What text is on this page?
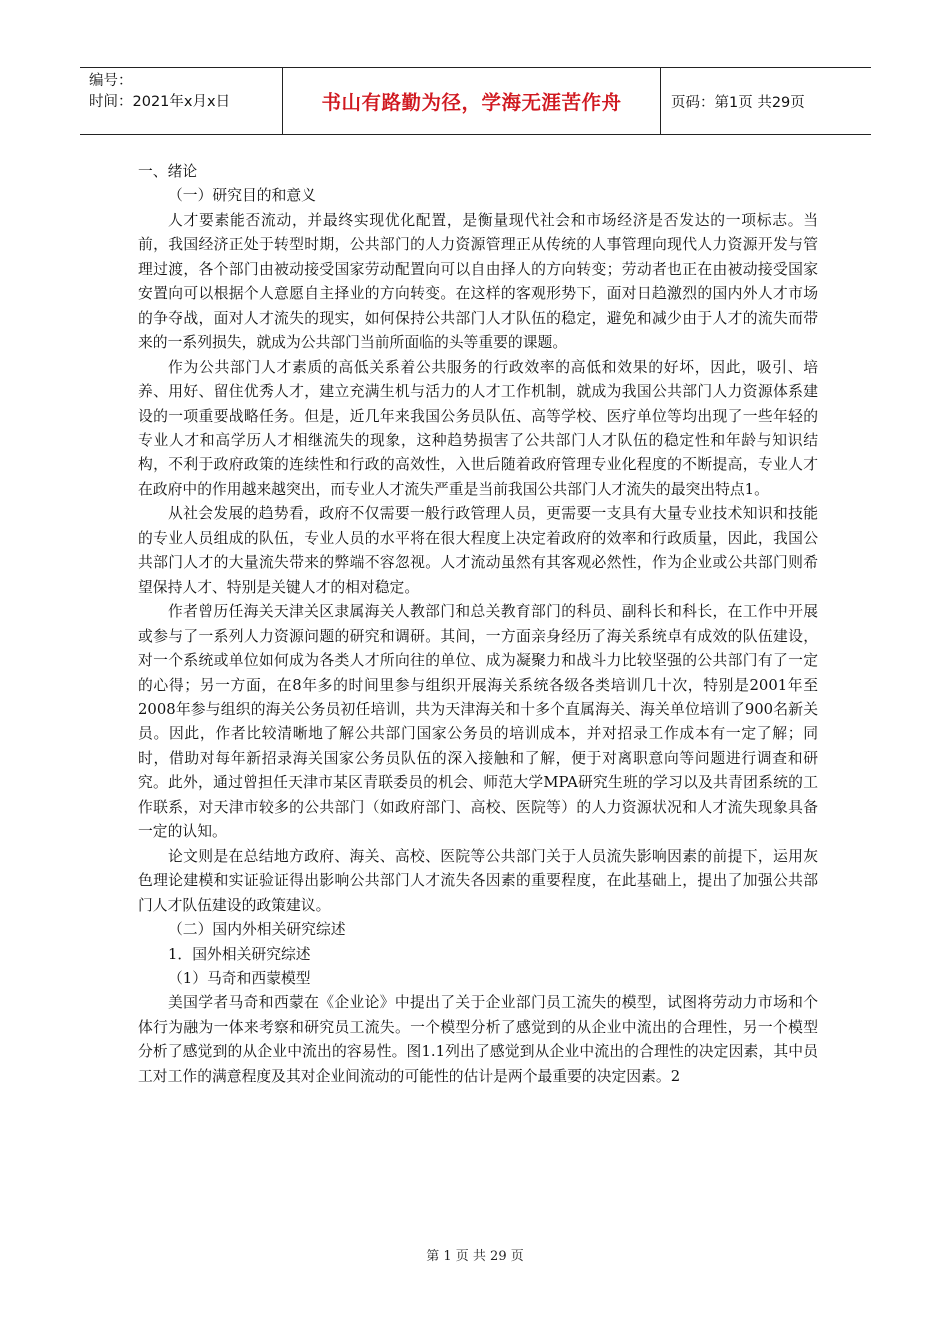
编号：
时间：2021年x月x日	书山有路勤为径，学海无涯苦作舟	页码：第1页 共29页

一、绪论

（一）研究目的和意义

人才要素能否流动，并最终实现优化配置，是衡量现代社会和市场经济是否发达的一项标志。当前，我国经济正处于转型时期，公共部门的人力资源管理正从传统的人事管理向现代人力资源开发与管理过渡，各个部门由被动接受国家劳动配置向可以自由择人的方向转变；劳动者也正在由被动接受国家安置向可以根据个人意愿自主择业的方向转变。在这样的客观形势下，面对日趋激烈的国内外人才市场的争夺战，面对人才流失的现实，如何保持公共部门人才队伍的稳定，避免和减少由于人才的流失而带来的一系列损失，就成为公共部门当前所面临的头等重要的课题。

作为公共部门人才素质的高低关系着公共服务的行政效率的高低和效果的好坏，因此，吸引、培养、用好、留住优秀人才，建立充满生机与活力的人才工作机制，就成为我国公共部门人力资源体系建设的一项重要战略任务。但是，近几年来我国公务员队伍、高等学校、医疗单位等均出现了一些年轻的专业人才和高学历人才相继流失的现象，这种趋势损害了公共部门人才队伍的稳定性和年龄与知识结构，不利于政府政策的连续性和行政的高效性，入世后随着政府管理专业化程度的不断提高，专业人才在政府中的作用越来越突出，而专业人才流失严重是当前我国公共部门人才流失的最突出特点1。

从社会发展的趋势看，政府不仅需要一般行政管理人员，更需要一支具有大量专业技术知识和技能的专业人员组成的队伍，专业人员的水平将在很大程度上决定着政府的效率和行政质量，因此，我国公共部门人才的大量流失带来的弊端不容忽视。人才流动虽然有其客观必然性，作为企业或公共部门则希望保持人才、特别是关键人才的相对稳定。

作者曾历任海关天津关区隶属海关人教部门和总关教育部门的科员、副科长和科长，在工作中开展或参与了一系列人力资源问题的研究和调研。其间，一方面亲身经历了海关系统卓有成效的队伍建设，对一个系统或单位如何成为各类人才所向往的单位、成为凝聚力和战斗力比较坚强的公共部门有了一定的心得；另一方面，在8年多的时间里参与组织开展海关系统各级各类培训几十次，特别是2001年至2008年参与组织的海关公务员初任培训，共为天津海关和十多个直属海关、海关单位培训了900名新关员。因此，作者比较清晰地了解公共部门国家公务员的培训成本，并对招录工作成本有一定了解；同时，借助对每年新招录海关国家公务员队伍的深入接触和了解，便于对离职意向等问题进行调查和研究。此外，通过曾担任天津市某区青联委员的机会、师范大学MPA研究生班的学习以及共青团系统的工作联系，对天津市较多的公共部门（如政府部门、高校、医院等）的人力资源状况和人才流失现象具备一定的认知。

论文则是在总结地方政府、海关、高校、医院等公共部门关于人员流失影响因素的前提下，运用灰色理论建模和实证验证得出影响公共部门人才流失各因素的重要程度，在此基础上，提出了加强公共部门人才队伍建设的政策建议。

（二）国内外相关研究综述

1．国外相关研究综述

（1）马奇和西蒙模型

美国学者马奇和西蒙在《企业论》中提出了关于企业部门员工流失的模型，试图将劳动力市场和个体行为融为一体来考察和研究员工流失。一个模型分析了感觉到的从企业中流出的合理性，另一个模型分析了感觉到的从企业中流出的容易性。图1.1列出了感觉到从企业中流出的合理性的决定因素，其中员工对工作的满意程度及其对企业间流动的可能性的估计是两个最重要的决定因素。2

第 1 页 共 29 页
